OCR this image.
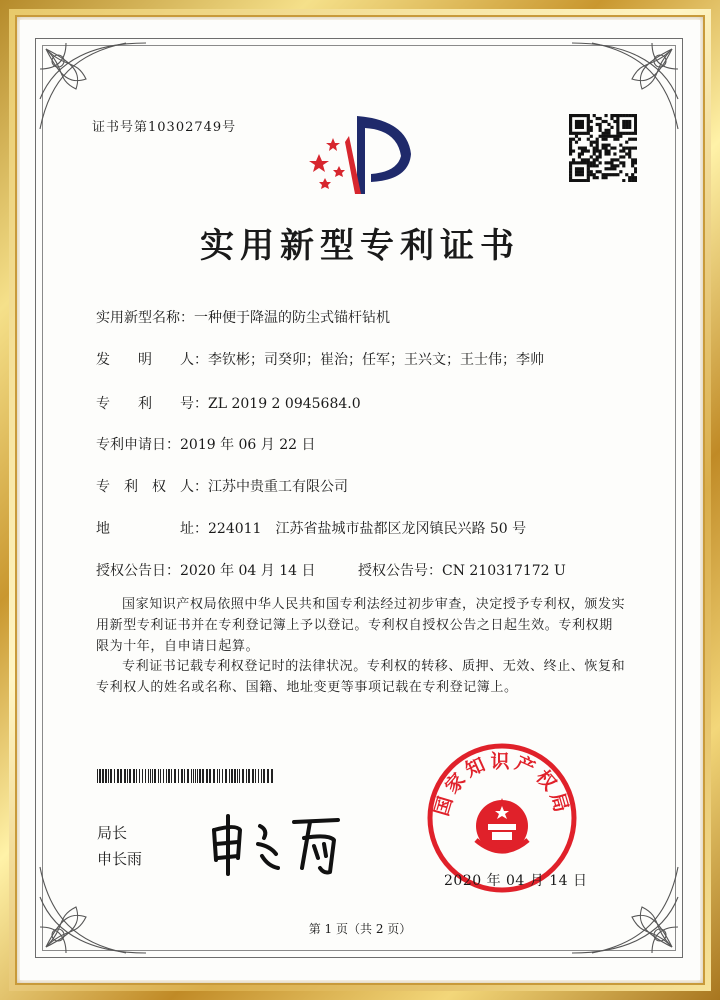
证书号第10302749号
实用新型专利证书
实用新型名称：一种便于降温的防尘式锚杆钻机
发　　明　　人：李钦彬；司癸卯；崔治；任军；王兴文；王士伟；李帅
专　　利　　号：ZL 2019 2 0945684.0
专利申请日：2019 年 06 月 22 日
专　利　权　人：江苏中贵重工有限公司
地　　　　　址：224011　江苏省盐城市盐都区龙冈镇民兴路 50 号
授权公告日：2020 年 04 月 14 日	授权公告号：CN 210317172 U
国家知识产权局依照中华人民共和国专利法经过初步审查，决定授予专利权，颁发实用新型专利证书并在专利登记簿上予以登记。专利权自授权公告之日起生效。专利权期限为十年，自申请日起算。
专利证书记载专利权登记时的法律状况。专利权的转移、质押、无效、终止、恢复和专利权人的姓名或名称、国籍、地址变更等事项记载在专利登记簿上。
局长
申长雨
国家知识产权局
2020 年 04 月 14 日
第 1 页（共 2 页）
